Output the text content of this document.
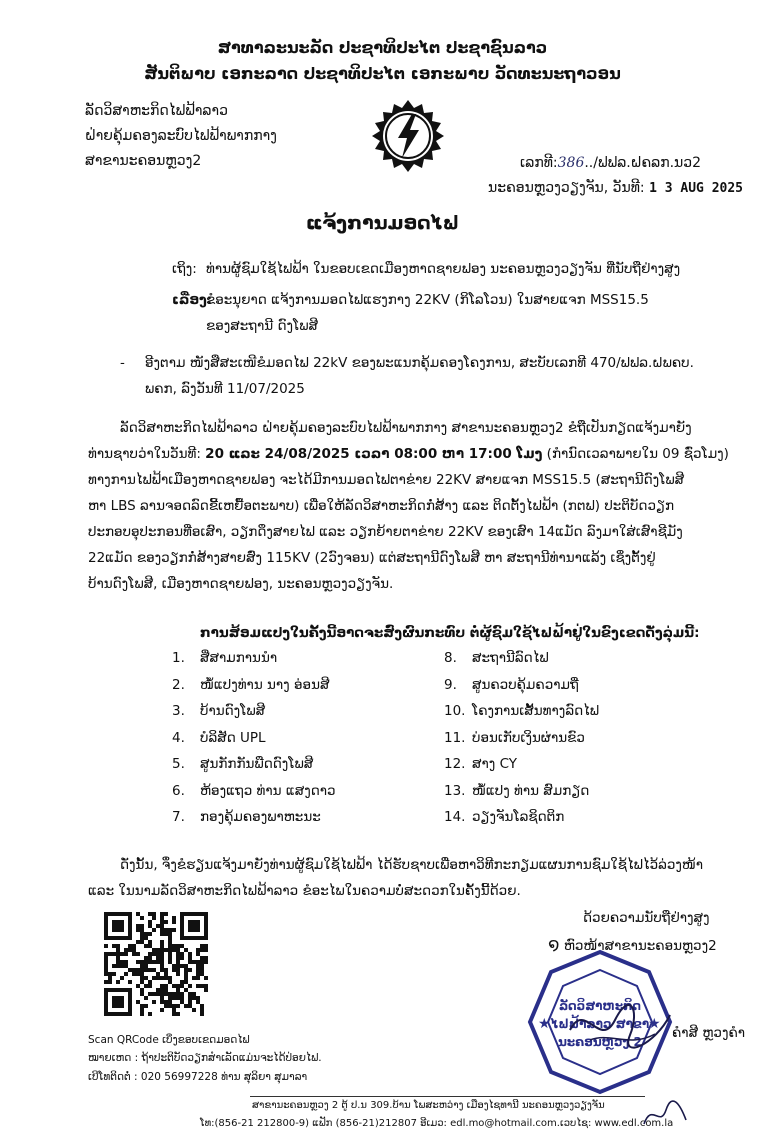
ສາທາລະນະລັດ ປະຊາທິປະໄຕ ປະຊາຊົນລາວ
ສັນຕິພາບ ເອກະລາດ ປະຊາທິປະໄຕ ເອກະພາບ ວັດທະນະຖາວອນ
ລັດວິສາຫະກິດໄຟຟ້າລາວ
ຝ່າຍຄຸ້ມຄອງລະບົບໄຟຟ້າພາກກາງ
ສາຂານະຄອນຫຼວງ2	ເລກທີ:386../ຟຟລ.ຝຄລກ.ນວ2
ນະຄອນຫຼວງວຽງຈັນ, ວັນທີ: 1 3 AUG 2025
ແຈ້ງການມອດໄຟ
ເຖິງ: ທ່ານຜູ້ຊົມໃຊ້ໄຟຟ້າ ໃນຂອບເຂດເມືອງຫາດຊາຍຟອງ ນະຄອນຫຼວງວຽງຈັນ ທີ່ນັບຖືຢ່າງສູງ
ເລື່ອງ:
ຂໍອະນຸຍາດ ແຈ້ງການມອດໄຟແຮງກາງ 22KV (ກິໂລໂວນ) ໃນສາຍແຈກ MSS15.5
ຂອງສະຖານີ ດົງໂພສີ
- ອີງຕາມ ໜັງສືສະເໜີຂໍມອດໄຟ 22kV ຂອງພະແນກຄຸ້ມຄອງໂຄງການ, ສະບັບເລກທີ 470/ຟຟລ.ຝພຄບ.
ພຄກ, ລົງວັນທີ 11/07/2025
ລັດວິສາຫະກິດໄຟຟ້າລາວ ຝ່າຍຄຸ້ມຄອງລະບົບໄຟຟ້າພາກກາງ ສາຂານະຄອນຫຼວງ2 ຂໍຖືເປັນກຽດແຈ້ງມາຍັງ
ທ່ານຊາບວ່າໃນວັນທີ: 20 ແລະ 24/08/2025 ເວລາ 08:00 ຫາ 17:00 ໂມງ (ກໍານົດເວລາພາຍໃນ 09 ຊົ່ວໂມງ)
ທາງການໄຟຟ້າເມືອງຫາດຊາຍຟອງ ຈະໄດ້ມີການມອດໄຟຕາຂ່າຍ 22KV ສາຍແຈກ MSS15.5 (ສະຖານີດົງໂພສີ
ຫາ LBS ລານຈອດລົດຂີ້ເຫຍື້ອຕະພາບ) ເພື່ອໃຫ້ລັດວິສາຫະກິດກໍ່ສ້າງ ແລະ ຕິດຕັ້ງໄຟຟ້າ (ກຕຟ) ປະຕິບັດວຽກ
ປະກອບອຸປະກອນທີ່ອເສົາ, ວຽກດຶງສາຍໄຟ ແລະ ວຽກຍ້າຍຕາຂ່າຍ 22KV ຂອງເສົາ 14ແມັດ ລົງມາໃສ່ເສົາຊີມັງ
22ແມັດ ຂອງວຽກກໍ່ສ້າງສາຍສົ່ງ 115KV (2ວົງຈອນ) ແຕ່ສະຖານີດົງໂພສີ ຫາ ສະຖານີທ່ານາແລ້ງ ເຊິ່ງຕັ້ງຢູ່
ບ້ານດົງໂພສີ, ເມືອງຫາດຊາຍຟອງ, ນະຄອນຫຼວງວຽງຈັນ.
ການສ້ອມແປງໃນຄັ້ງນີ້ອາດຈະສົ່ງຜົນກະທົບ ຕໍ່ຜູ້ຊົມໃຊ້ໄຟຟ້າຢູ່ໃນຂົງເຂດດັ່ງລຸ່ມນີ້:
1. ສີ່ສາມການນໍາ
2. ໜໍ້ແປງທ່ານ ນາງ ອ່ອນສີ
3. ບ້ານດົງໂພສີ
4. ບໍລິສັດ UPL
5. ສູນກັກກັນພືດດົງໂພສີ
6. ຫ້ອງແຖວ ທ່ານ ແສງດາວ
7. ກອງຄຸ້ມຄອງພາຫະນະ
8. ສະຖານີລົດໄຟ
9. ສູນຄວບຄຸ້ມຄວາມຖີ່
10. ໂຄງການເສັ້ນທາງລົດໄຟ
11. ບ່ອນເກັບເງິນຜ່ານຂົວ
12. ສາງ CY
13. ໜໍ້ແປງ ທ່ານ ສົມກຽດ
14. ວຽງຈັນໂລຊິດຕິກ
ດັ່ງນັ້ນ, ຈຶ່ງຂໍຮຽນແຈ້ງມາຍັງທ່ານຜູ້ຊົມໃຊ້ໄຟຟ້າ ໄດ້ຮັບຊາບເພື່ອຫາວິທີກະກຽມແຜນການຊົມໃຊ້ໄຟໄວ້ລ່ວງໜ້າ
ແລະ ໃນນາມລັດວິສາຫະກິດໄຟຟ້າລາວ ຂໍອະໄພໃນຄວາມບໍ່ສະດວກໃນຄັ້ງນີ້ດ້ວຍ.
Scan QRCode ເບິ່ງຂອບເຂດມອດໄຟ
ໝາຍເຫດ : ຖ້າປະຕິບັດວຽກສໍາເລັດແມ່ນຈະໄດ້ປ່ອຍໄຟ.
ເບີໂທຕິດຕໍ່ : 020 56997228 ທ່ານ ສຸລິຍາ ສຸມາລາ
ດ້ວຍຄວາມນັບຖືຢ່າງສູງ
໑ ຫົວໜ້າສາຂານະຄອນຫຼວງ2
★	★
ລັດວິສາຫະກິດ
ໄຟຟ້າລາວ ສາຂາ
ນະຄອນຫຼວງ 2
ຄໍາສີ ຫຼວງຄໍາ
ສາຂານະຄອນຫຼວງ 2 ຕູ້ ປ.ນ 309.ບ້ານ ໂພສະຫວ່າງ ເມືອງໄຊທານີ ນະຄອນຫຼວງວຽງຈັນ
ໂທ:(856-21 212800-9) ແຟັກ (856-21)212807 ອີເມວ: edl.mo@hotmail.com.ເວບໄຊ: www.edl.com.la
